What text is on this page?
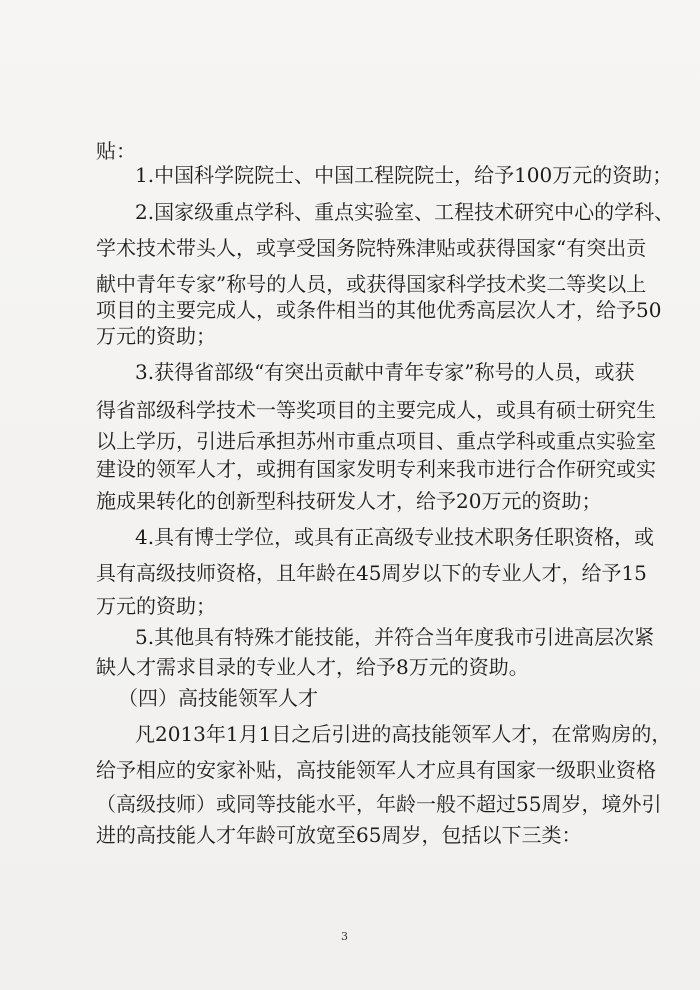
贴：
1.中国科学院院士、中国工程院院士，给予100万元的资助；
2.国家级重点学科、重点实验室、工程技术研究中心的学科、
学术技术带头人，或享受国务院特殊津贴或获得国家“有突出贡
献中青年专家”称号的人员，或获得国家科学技术奖二等奖以上
项目的主要完成人，或条件相当的其他优秀高层次人才，给予50
万元的资助；
3.获得省部级“有突出贡献中青年专家”称号的人员，或获
得省部级科学技术一等奖项目的主要完成人，或具有硕士研究生
以上学历，引进后承担苏州市重点项目、重点学科或重点实验室
建设的领军人才，或拥有国家发明专利来我市进行合作研究或实
施成果转化的创新型科技研发人才，给予20万元的资助；
4.具有博士学位，或具有正高级专业技术职务任职资格，或
具有高级技师资格，且年龄在45周岁以下的专业人才，给予15
万元的资助；
5.其他具有特殊才能技能，并符合当年度我市引进高层次紧
缺人才需求目录的专业人才，给予8万元的资助。
（四）高技能领军人才
凡2013年1月1日之后引进的高技能领军人才，在常购房的，
给予相应的安家补贴，高技能领军人才应具有国家一级职业资格
（高级技师）或同等技能水平，年龄一般不超过55周岁，境外引
进的高技能人才年龄可放宽至65周岁，包括以下三类：
3
